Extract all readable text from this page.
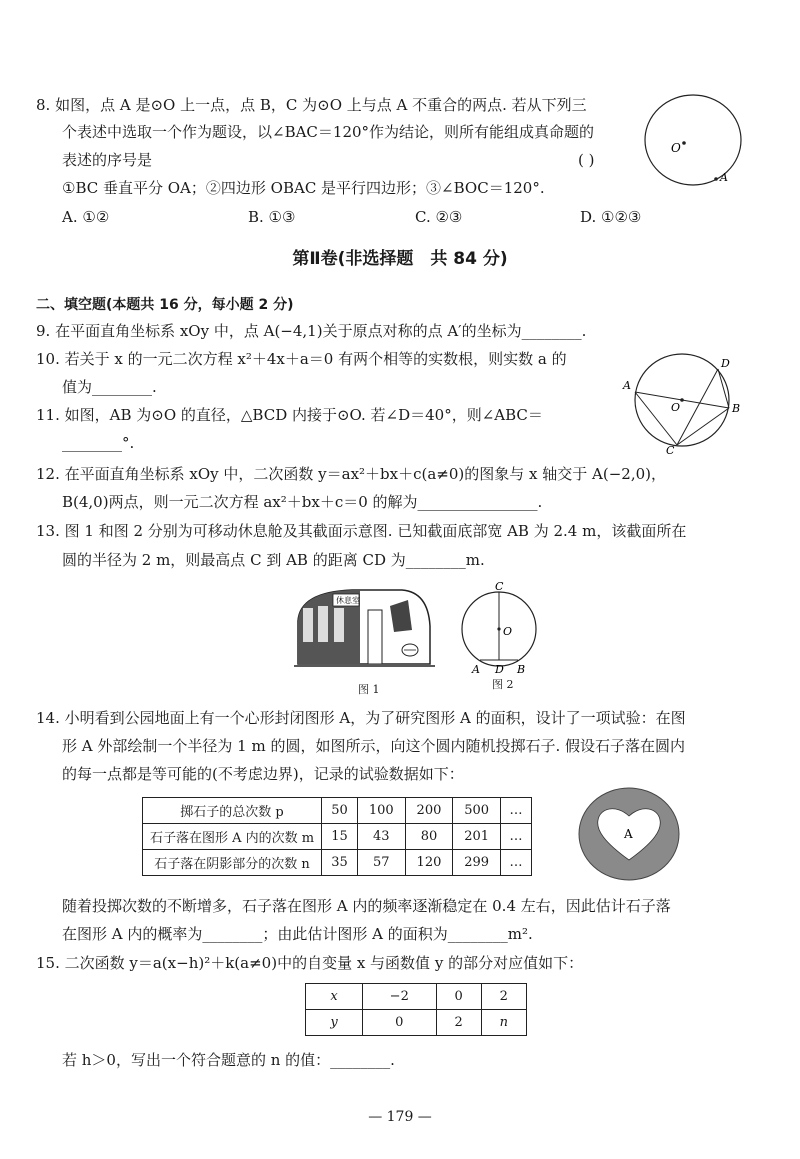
8. 如图，点 A 是⊙O 上一点，点 B，C 为⊙O 上与点 A 不重合的两点. 若从下列三
个表述中选取一个作为题设，以∠BAC＝120°作为结论，则所有能组成真命题的
表述的序号是	( )
①BC 垂直平分 OA；②四边形 OBAC 是平行四边形；③∠BOC＝120°.
A. ①②	B. ①③	C. ②③	D. ①②③
O
A
第Ⅱ卷(非选择题　共 84 分)
二、填空题(本题共 16 分，每小题 2 分)
9. 在平面直角坐标系 xOy 中，点 A(−4,1)关于原点对称的点 A′的坐标为________.
10. 若关于 x 的一元二次方程 x²＋4x＋a＝0 有两个相等的实数根，则实数 a 的
值为________.
11. 如图，AB 为⊙O 的直径，△BCD 内接于⊙O. 若∠D＝40°，则∠ABC＝
________°.
A
D
B
C
O
12. 在平面直角坐标系 xOy 中，二次函数 y＝ax²＋bx＋c(a≠0)的图象与 x 轴交于 A(−2,0)，
B(4,0)两点，则一元二次方程 ax²＋bx＋c＝0 的解为________________.
13. 图 1 和图 2 分别为可移动休息舱及其截面示意图. 已知截面底部宽 AB 为 2.4 m，该截面所在
圆的半径为 2 m，则最高点 C 到 AB 的距离 CD 为________m.
休息室
图 1
C
O
A D B
图 2
14. 小明看到公园地面上有一个心形封闭图形 A，为了研究图形 A 的面积，设计了一项试验：在图
形 A 外部绘制一个半径为 1 m 的圆，如图所示，向这个圆内随机投掷石子. 假设石子落在圆内
的每一点都是等可能的(不考虑边界)，记录的试验数据如下：
掷石子的总次数 p	50	100	200	500	…
石子落在图形 A 内的次数 m	15	43	80	201	…
石子落在阴影部分的次数 n	35	57	120	299	…
A
随着投掷次数的不断增多，石子落在图形 A 内的频率逐渐稳定在 0.4 左右，因此估计石子落
在图形 A 内的概率为________；由此估计图形 A 的面积为________m².
15. 二次函数 y＝a(x−h)²＋k(a≠0)中的自变量 x 与函数值 y 的部分对应值如下：
x	−2	0	2
y	0	2	n
若 h＞0，写出一个符合题意的 n 的值：________.
— 179 —
